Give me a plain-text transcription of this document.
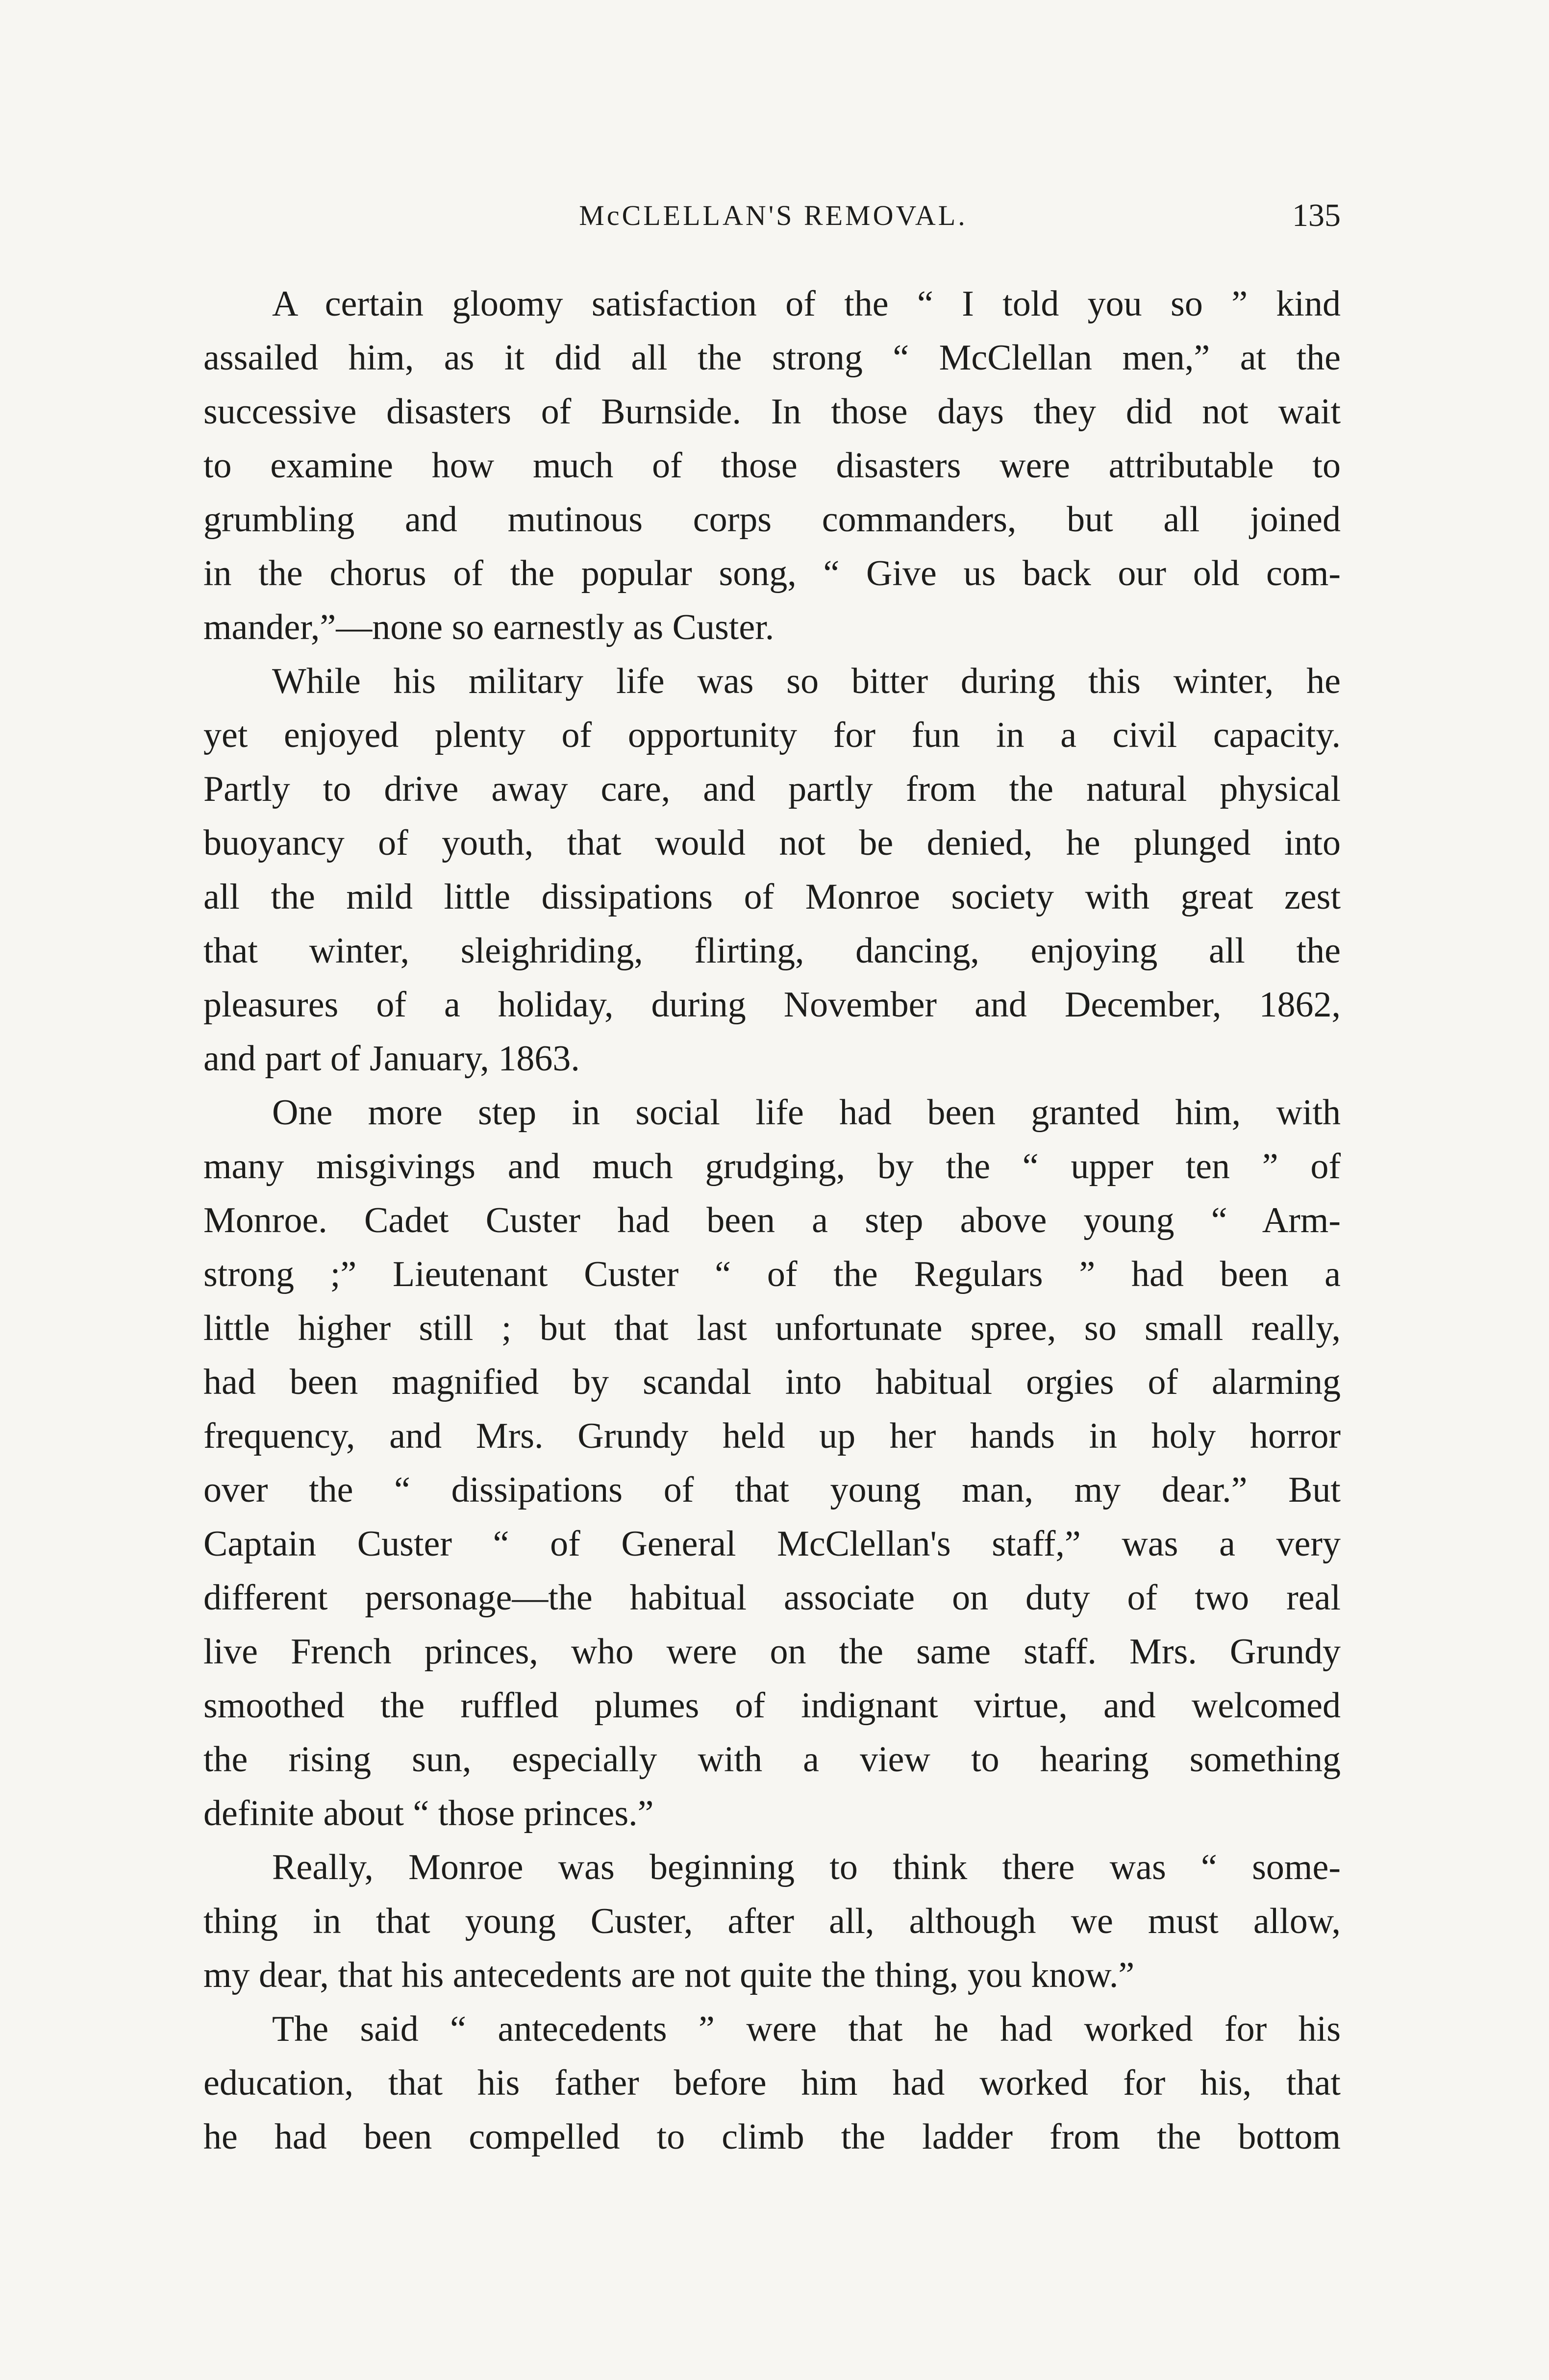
McCLELLAN'S REMOVAL.	135
A certain gloomy satisfaction of the “ I told you so ” kind
assailed him, as it did all the strong “ McClellan men,” at the
successive disasters of Burnside. In those days they did not wait
to examine how much of those disasters were attributable to
grumbling and mutinous corps commanders, but all joined
in the chorus of the popular song, “ Give us back our old com-
mander,”—none so earnestly as Custer.
While his military life was so bitter during this winter, he
yet enjoyed plenty of opportunity for fun in a civil capacity.
Partly to drive away care, and partly from the natural physical
buoyancy of youth, that would not be denied, he plunged into
all the mild little dissipations of Monroe society with great zest
that winter, sleighriding, flirting, dancing, enjoying all the
pleasures of a holiday, during November and December, 1862,
and part of January, 1863.
One more step in social life had been granted him, with
many misgivings and much grudging, by the “ upper ten ” of
Monroe. Cadet Custer had been a step above young “ Arm-
strong ;” Lieutenant Custer “ of the Regulars ” had been a
little higher still ; but that last unfortunate spree, so small really,
had been magnified by scandal into habitual orgies of alarming
frequency, and Mrs. Grundy held up her hands in holy horror
over the “ dissipations of that young man, my dear.” But
Captain Custer “ of General McClellan's staff,” was a very
different personage—the habitual associate on duty of two real
live French princes, who were on the same staff. Mrs. Grundy
smoothed the ruffled plumes of indignant virtue, and welcomed
the rising sun, especially with a view to hearing something
definite about “ those princes.”
Really, Monroe was beginning to think there was “ some-
thing in that young Custer, after all, although we must allow,
my dear, that his antecedents are not quite the thing, you know.”
The said “ antecedents ” were that he had worked for his
education, that his father before him had worked for his, that
he had been compelled to climb the ladder from the bottom
